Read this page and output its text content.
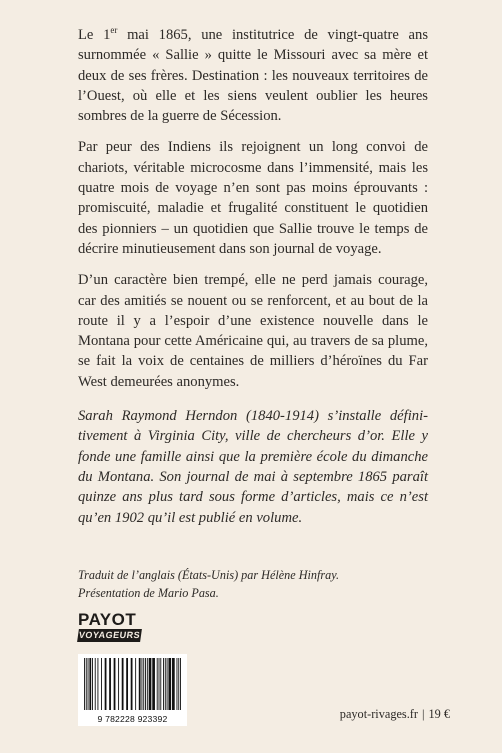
Le 1er mai 1865, une institutrice de vingt-quatre ans surnommée « Sallie » quitte le Missouri avec sa mère et deux de ses frères. Destination : les nouveaux territoires de l’Ouest, où elle et les siens veulent oublier les heures sombres de la guerre de Sécession.

Par peur des Indiens ils rejoignent un long convoi de chariots, véritable microcosme dans l’immensité, mais les quatre mois de voyage n’en sont pas moins éprouvants : promiscuité, maladie et frugalité constituent le quotidien des pionniers – un quotidien que Sallie trouve le temps de décrire minutieusement dans son journal de voyage.

D’un caractère bien trempé, elle ne perd jamais courage, car des amitiés se nouent ou se renforcent, et au bout de la route il y a l’espoir d’une existence nouvelle dans le Montana pour cette Américaine qui, au travers de sa plume, se fait la voix de centaines de milliers d’héroïnes du Far West demeurées anonymes.

Sarah Raymond Herndon (1840-1914) s’installe définitivement à Virginia City, ville de chercheurs d’or. Elle y fonde une famille ainsi que la première école du dimanche du Montana. Son journal de mai à septembre 1865 paraît quinze ans plus tard sous forme d’articles, mais ce n’est qu’en 1902 qu’il est publié en volume.

Traduit de l’anglais (États-Unis) par Hélène Hinfray.

Présentation de Mario Pasa.

PAYOT
VOYAGEURS
9 782228 923392	payot-rivages.fr | 19 €
